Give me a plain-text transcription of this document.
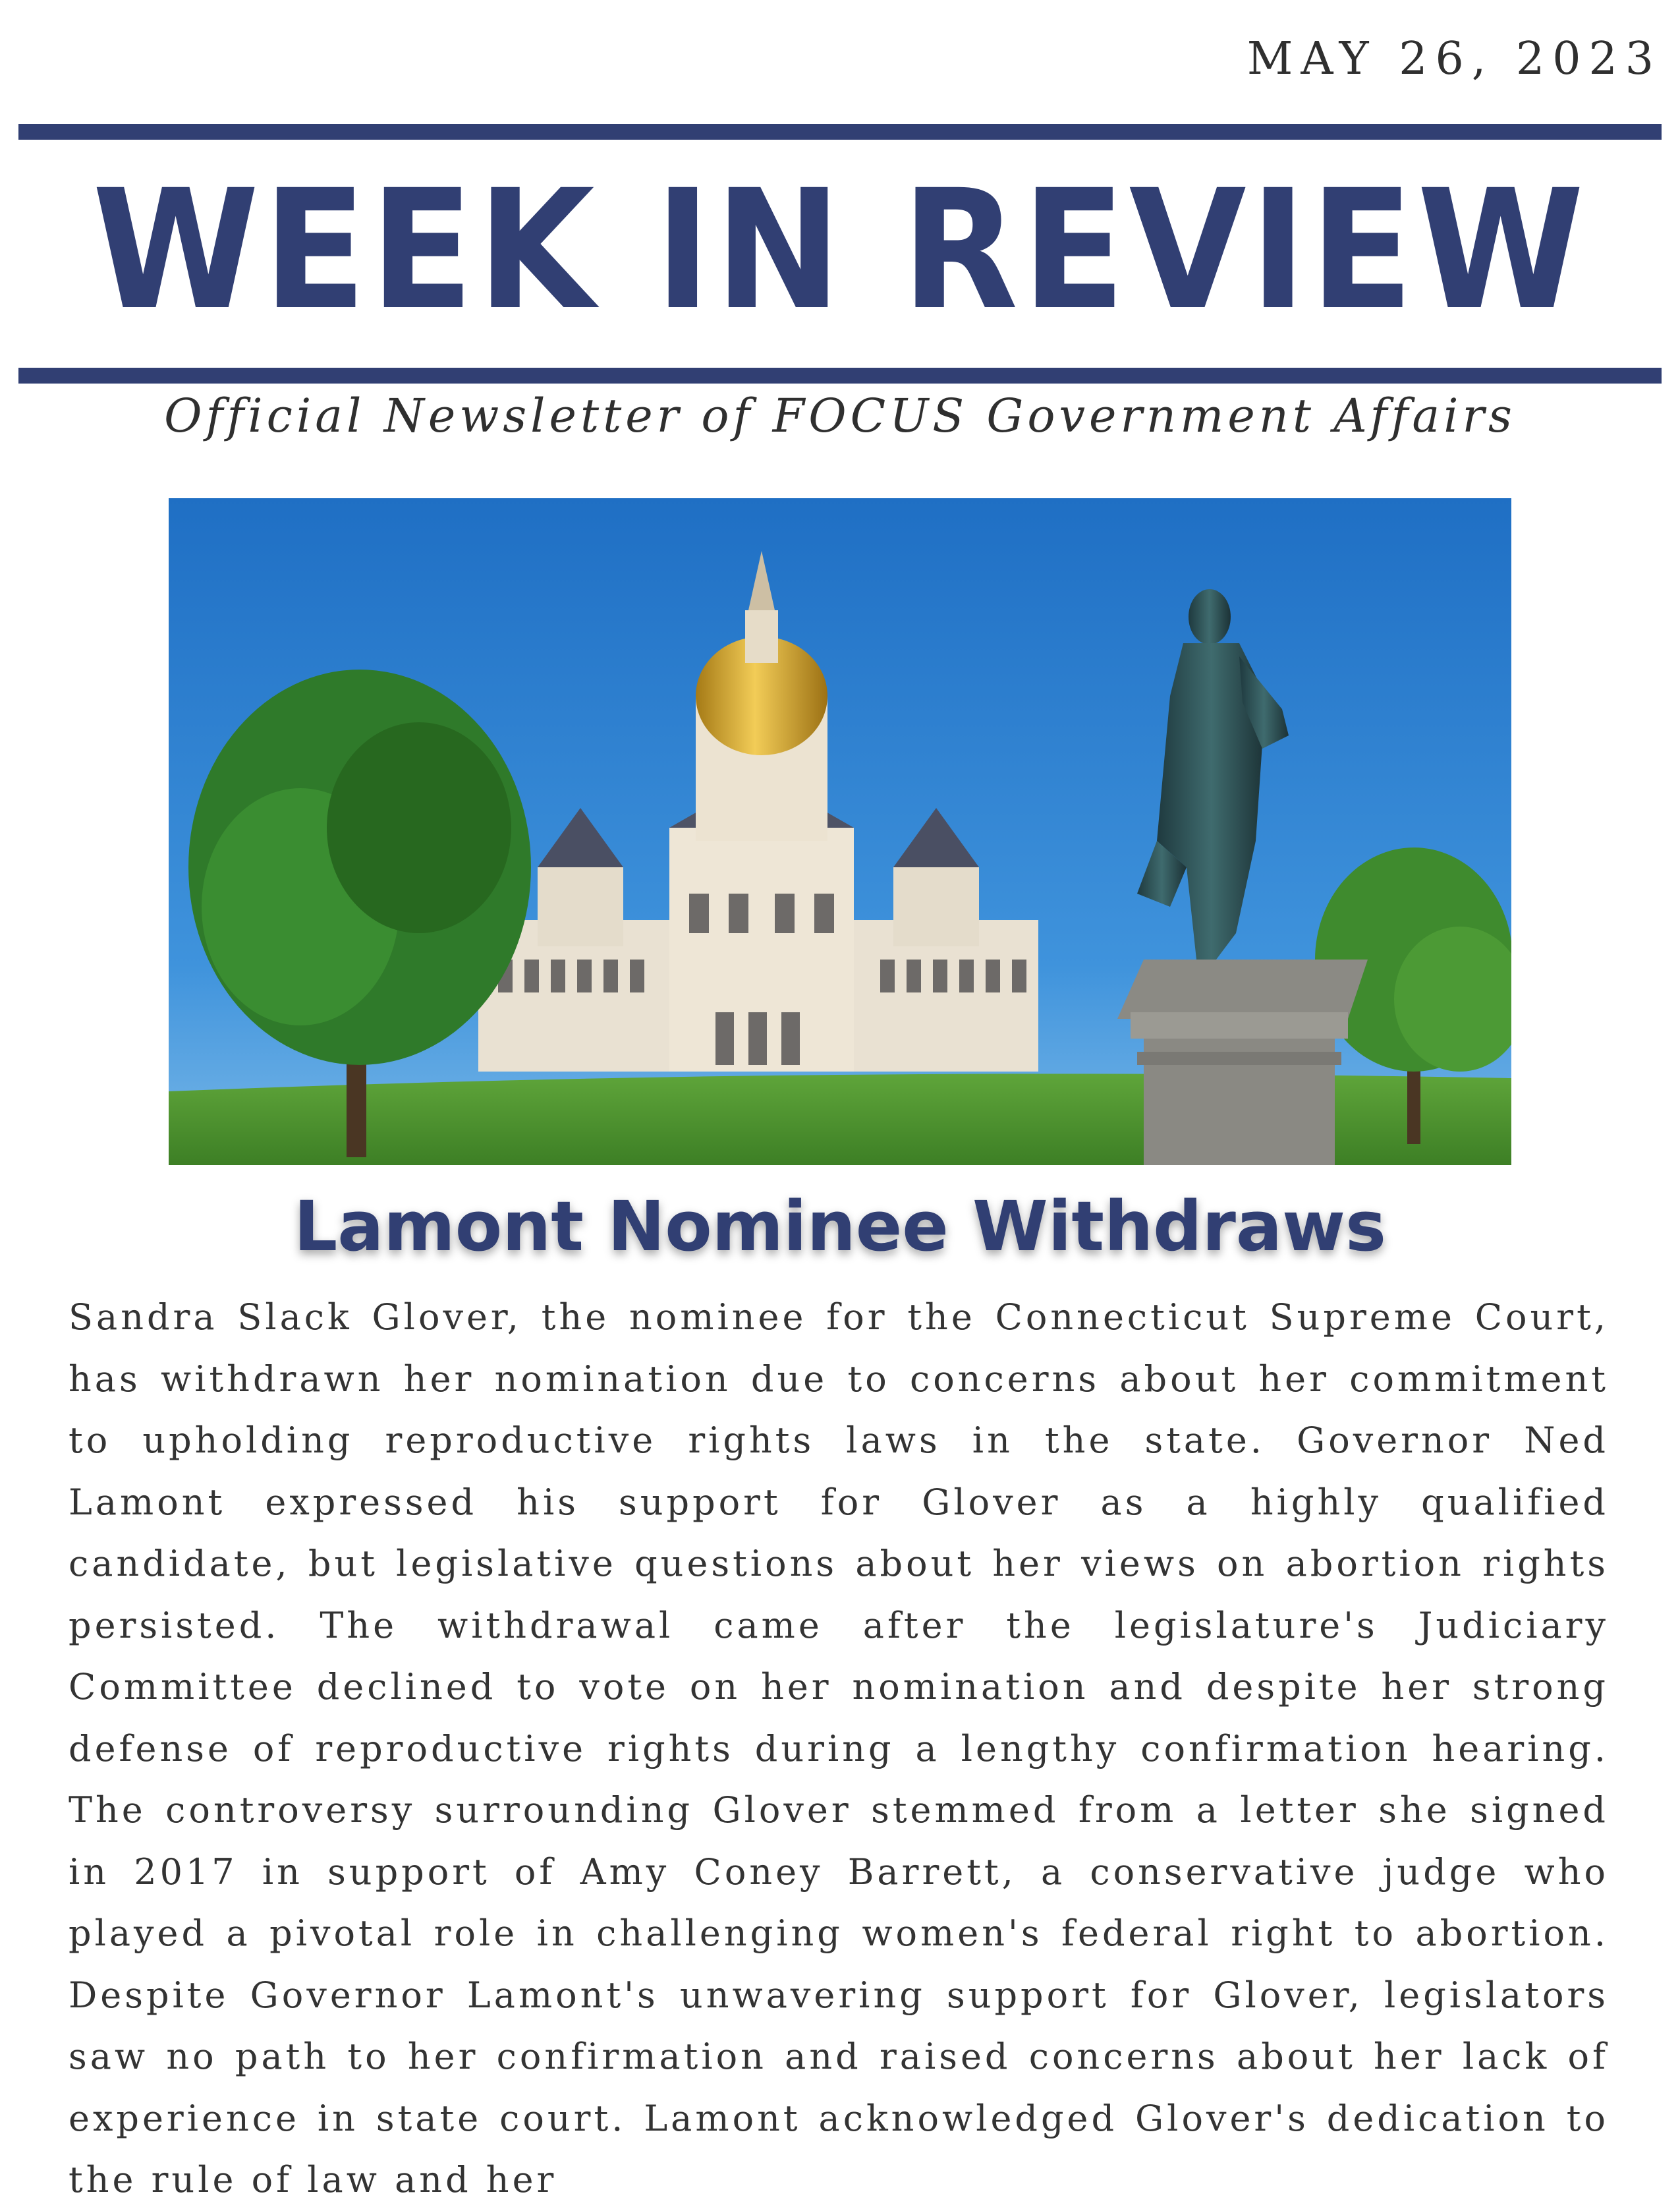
MAY 26, 2023
WEEK IN REVIEW
Official Newsletter of FOCUS Government Affairs
Lamont Nominee Withdraws

Sandra Slack Glover, the nominee for the Connecticut Supreme Court, has withdrawn her nomination due to concerns about her commitment to upholding reproductive rights laws in the state. Governor Ned Lamont expressed his support for Glover as a highly qualified candidate, but legislative questions about her views on abortion rights persisted. The withdrawal came after the legislature's Judiciary Committee declined to vote on her nomination and despite her strong defense of reproductive rights during a lengthy confirmation hearing. The controversy surrounding Glover stemmed from a letter she signed in 2017 in support of Amy Coney Barrett, a conservative judge who played a pivotal role in challenging women's federal right to abortion. Despite Governor Lamont's unwavering support for Glover, legislators saw no path to her confirmation and raised concerns about her lack of experience in state court. Lamont acknowledged Glover's dedication to the rule of law and her
